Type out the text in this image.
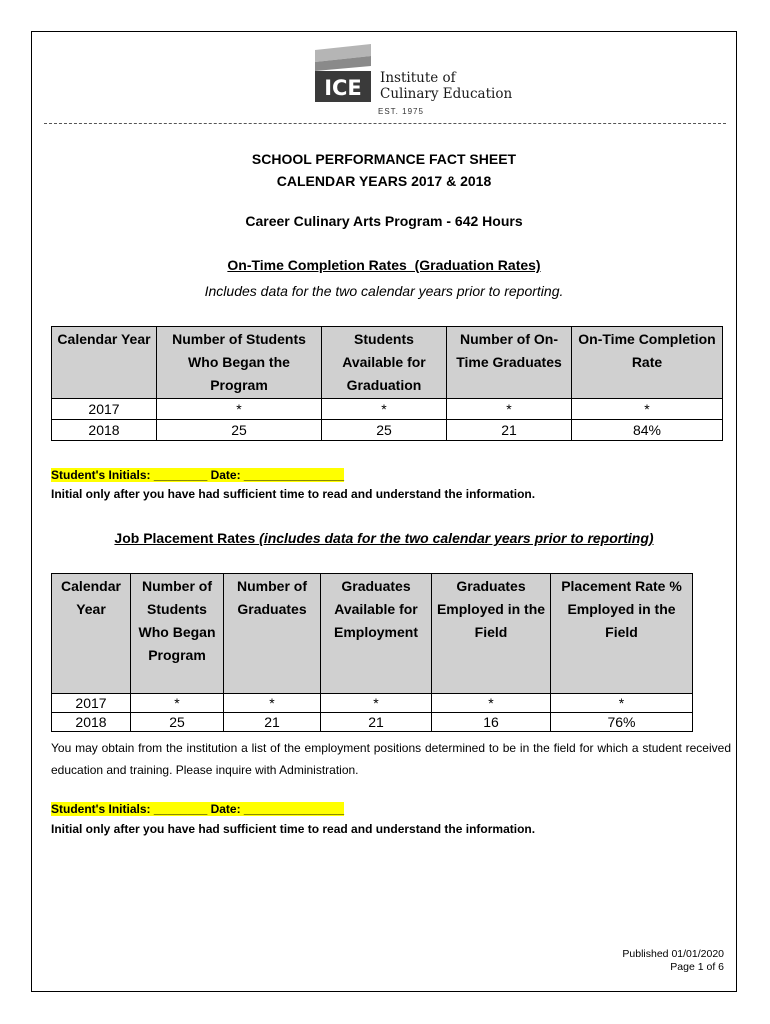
ICE Institute of
Culinary Education
EST. 1975
SCHOOL PERFORMANCE FACT SHEET
CALENDAR YEARS 2017 & 2018
Career Culinary Arts Program - 642 Hours
On-Time Completion Rates  (Graduation Rates)
Includes data for the two calendar years prior to reporting.
Calendar Year	Number of Students Who Began the Program	Students Available for Graduation	Number of On-Time Graduates	On-Time Completion Rate
2017	*	*	*	*
2018	25	25	21	84%
Student's Initials: ________ Date: _______________
Initial only after you have had sufficient time to read and understand the information.
Job Placement Rates (includes data for the two calendar years prior to reporting)
Calendar Year	Number of Students Who Began Program	Number of Graduates	Graduates Available for Employment	Graduates Employed in the Field	Placement Rate % Employed in the Field
2017	*	*	*	*	*
2018	25	21	21	16	76%
You may obtain from the institution a list of the employment positions determined to be in the field for which a student received education and training. Please inquire with Administration.
Student's Initials: ________ Date: _______________
Initial only after you have had sufficient time to read and understand the information.
Published 01/01/2020
Page 1 of 6
